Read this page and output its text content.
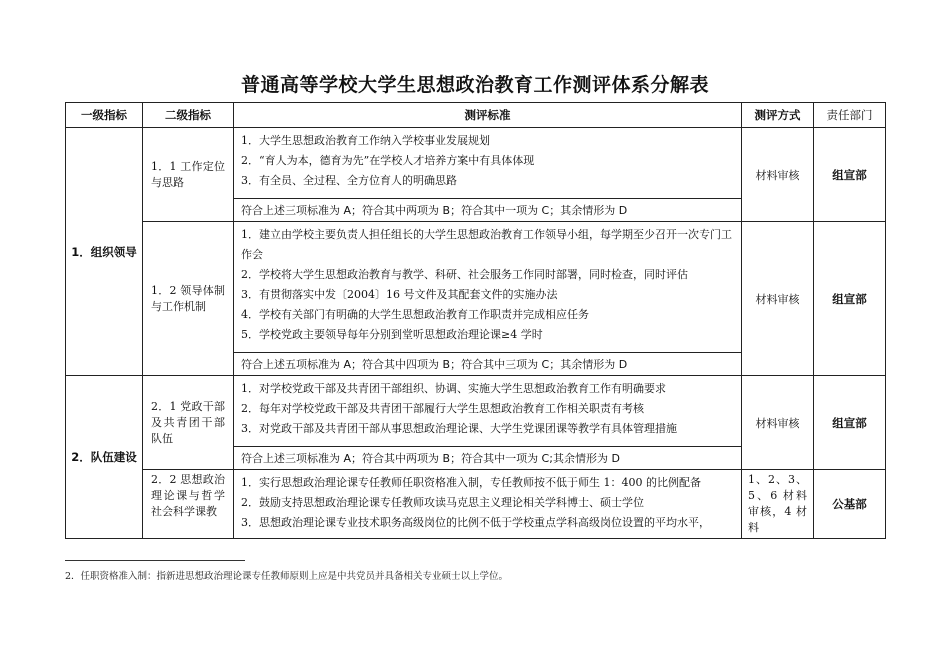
普通高等学校大学生思想政治教育工作测评体系分解表
一级指标	二级指标	测评标准	测评方式	责任部门
1．组织领导	1．1 工作定位与思路	1．大学生思想政治教育工作纳入学校事业发展规划
2．“育人为本，德育为先”在学校人才培养方案中有具体体现
3．有全员、全过程、全方位育人的明确思路	材料审核	组宣部
		符合上述三项标准为 A；符合其中两项为 B；符合其中一项为 C；其余情形为 D		
	1．2 领导体制与工作机制	1．建立由学校主要负责人担任组长的大学生思想政治教育工作领导小组，每学期至少召开一次专门工作会
2．学校将大学生思想政治教育与教学、科研、社会服务工作同时部署，同时检查，同时评估
3．有贯彻落实中发〔2004〕16 号文件及其配套文件的实施办法
4．学校有关部门有明确的大学生思想政治教育工作职责并完成相应任务
5．学校党政主要领导每年分别到堂听思想政治理论课≥4 学时	材料审核	组宣部
		符合上述五项标准为 A；符合其中四项为 B；符合其中三项为 C；其余情形为 D		
2．队伍建设	2．1 党政干部及共青团干部队伍	1．对学校党政干部及共青团干部组织、协调、实施大学生思想政治教育工作有明确要求
2．每年对学校党政干部及共青团干部履行大学生思想政治教育工作相关职责有考核
3．对党政干部及共青团干部从事思想政治理论课、大学生党课团课等教学有具体管理措施	材料审核	组宣部
		符合上述三项标准为 A；符合其中两项为 B；符合其中一项为 C;其余情形为 D		
	2．2 思想政治理论课与哲学社会科学课教	1．实行思想政治理论课专任教师任职资格准入制，专任教师按不低于师生 1：400 的比例配备
2．鼓励支持思想政治理论课专任教师攻读马克思主义理论相关学科博士、硕士学位
3．思想政治理论课专业技术职务高级岗位的比例不低于学校重点学科高级岗位设置的平均水平，	1、2、3、5、6 材料审核，4 材料	公基部
2．任职资格准入制：指新进思想政治理论课专任教师原则上应是中共党员并具备相关专业硕士以上学位。
